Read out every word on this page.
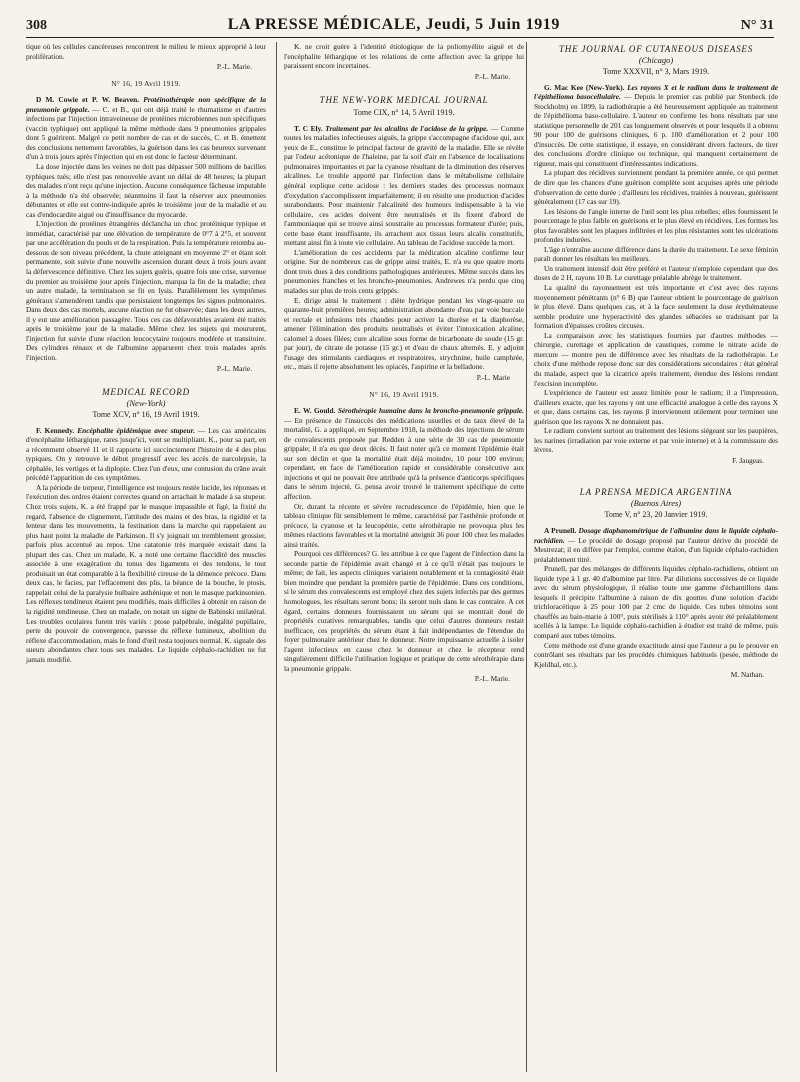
308	LA PRESSE MÉDICALE, Jeudi, 5 Juin 1919	N° 31

tique où les cellules cancéreuses rencontrent le milieu le mieux approprié à leur prolifération.

P.-L. Marie.
N° 16, 19 Avril 1919.

D M. Cowie et P. W. Beaven. Protéinothérapie non spécifique de la pneumonie grippale. — C. et B., qui ont déjà traité le rhumatisme et d'autres infections par l'injection intraveineuse de protéines microbiennes non spécifiques (vaccin typhique) ont appliqué la même méthode dans 9 pneumonies grippales dont 5 guérirent. Malgré ce petit nombre de cas et de succès, C. et B. émettent des conclusions nettement favorables, la guérison dans les cas heureux survenant d'un à trois jours après l'injection qui en est donc le facteur déterminant.

La dose injectée dans les veines ne doit pas dépasser 500 millions de bacilles typhiques tués; elle n'est pas renouvelée avant un délai de 48 heures; la plupart des malades n'ont reçu qu'une injection. Aucune conséquence fâcheuse imputable à la méthode n'a été observée; néanmoins il faut la réserver aux pneumonies débutantes et elle est contre-indiquée après le troisième jour de la maladie et au cas d'endocardite aiguë ou d'insuffisance du myocarde.

L'injection de protéines étrangères déclancha un choc protéinique typique et immédiat, caractérisé par une élévation de température de 0°7 à 2°5, et souvent par une accélération du pouls et de la respiration. Puis la température retomba au-dessous de son niveau précédent, la chute atteignant en moyenne 2° et étant soit permanente, soit suivie d'une nouvelle ascension durant deux à trois jours avant la défervescence définitive. Chez les sujets guéris, quatre fois une crise, survenue du premier au troisième jour après l'injection, marqua la fin de la maladie; chez un autre malade, la terminaison se fit en lysis. Parallèlement les symptômes généraux s'amendèrent tandis que persistaient longtemps les signes pulmonaires. Dans deux des cas mortels, aucune réaction ne fut observée; dans les deux autres, il y eut une amélioration passagère. Tous ces cas défavorables avaient été traités après le troisième jour de la maladie. Même chez les sujets qui moururent, l'injection fut suivie d'une réaction leucocytaire toujours modérée et transitoire. Des cylindres rénaux et de l'albumine apparurent chez trois malades après l'injection.

P.-L. Marie.
MEDICAL RECORD
(New-York)
Tome XCV, n° 16, 19 Avril 1919.

F. Kennedy. Encéphalite épidémique avec stupeur. — Les cas américains d'encéphalite léthargique, rares jusqu'ici, vont se multipliant. K., pour sa part, en a récemment observé 11 et il rapporte ici succinctement l'histoire de 4 des plus typiques. On y retrouve le début progressif avec les accès de narcolepsie, la céphalée, les vertiges et la diplopie. Chez l'un d'eux, une contusion du crâne avait précédé l'apparition de ces symptômes.

A la période de torpeur, l'intelligence est toujours restée lucide, les réponses et l'exécution des ordres étaient correctes quand on arrachait le malade à sa stupeur. Chez trois sujets, K. a été frappé par le masque impassible et figé, la fixité du regard, l'absence de clignement, l'attitude des mains et des bras, la rigidité et la lenteur dans les mouvements, la festination dans la marche qui rappelaient au plus haut point la maladie de Parkinson. Il s'y joignait un tremblement grossier, parfois plus accentué au repos. Une catatonie très marquée existait dans la plupart des cas. Chez un malade, K. a noté une certaine flaccidité des muscles associée à une exagération du tonus des ligaments et des tendons, le tout produisait un état comparable à la flexibilité cireuse de la démence précoce. Dans deux cas, le facies, par l'effacement des plis, la béance de la bouche, le ptosis, rappelait celui de la paralysie bulbaire asthénique et non le masque parkinsonien. Les réflexes tendineux étaient peu modifiés, mais difficiles à obtenir en raison de la rigidité tendineuse. Chez un malade, on notait un signe de Babinski unilatéral. Les troubles oculaires furent très variés : ptose palpébrale, inégalité pupillaire, perte du pouvoir de convergence, paresse du réflexe lumineux, abolition du réflexe d'accommodation, mais le fond d'œil resta toujours normal. K. signale des sueurs abondantes chez tous ses malades. Le liquide céphalo-rachidien ne fut jamais modifié.

K. ne croit guère à l'identité étiologique de la poliomyélite aiguë et de l'encéphalite léthargique et les relations de cette affection avec la grippe lui paraissent encore incertaines.

P.-L. Marie.
THE NEW-YORK MEDICAL JOURNAL
Tome CIX, n° 14, 5 Avril 1919.

T. C Ely. Traitement par les alcalins de l'acidose de la grippe. — Comme toutes les maladies infectieuses aiguës, la grippe s'accompagne d'acidose qui, aux yeux de E., constitue le principal facteur de gravité de la maladie. Elle se révèle par l'odeur acétonique de l'haleine, par la soif d'air en l'absence de localisations pulmonaires importantes et par la cyanose résultant de la diminution des réserves alcalines. Le trouble apporté par l'infection dans le métabolisme cellulaire général explique cette acidose : les derniers stades des processus normaux d'oxydation s'accomplissent imparfaitement; il en résulte une production d'acides surabondants. Pour maintenir l'alcalinité des humeurs indispensable à la vie cellulaire, ces acides doivent être neutralisés et ils fixent d'abord de l'ammoniaque qui se trouve ainsi soustraite au processus formateur d'urée; puis, cette base étant insuffisante, ils arrachent aux tissus leurs alcalis constitutifs, mettant ainsi fin à toute vie cellulaire. Au tableau de l'acidose succède la mort.

L'amélioration de ces accidents par la médication alcaline confirme leur origine. Sur de nombreux cas de grippe ainsi traités, E. n'a eu que quatre morts dont trois dues à des conditions pathologiques antérieures. Même succès dans les pneumonies franches et les broncho-pneumonies. Andrewes n'a perdu que cinq malades sur plus de trois cents grippés.

E. dirige ainsi le traitement : diète hydrique pendant les vingt-quatre ou quarante-huit premières heures; administration abondante d'eau par voie buccale et rectale et infusions très chaudes pour activer la diurèse et la diaphorèse, amener l'élimination des produits neutralisés et éviter l'intoxication alcaline; calomel à doses filées; cure alcaline sous forme de bicarbonate de soude (15 gr. par jour), de citrate de potasse (15 gr.) et d'eau de chaux alternés. E. y adjoint l'usage des stimulants cardiaques et respiratoires, strychnine, huile camphrée, etc., mais il rejette absolument les opiacés, l'aspirine et la belladone.

P.-L. Marie
N° 16, 19 Avril 1919.

E. W. Gould. Sérothérapie humaine dans la broncho-pneumonie grippale. — En présence de l'insuccès des médications usuelles et du taux élevé de la mortalité, G. a appliqué, en Septembre 1918, la méthode des injections de sérum de convalescents proposée par Redden à une série de 30 cas de pneumonie grippale; il n'a eu que deux décès. Il faut noter qu'à ce moment l'épidémie était sur son déclin et que la mortalité était déjà moindre, 10 pour 100 environ; cependant, en face de l'amélioration rapide et considérable consécutive aux injections et qui ne pouvait être attribuée qu'à la présence d'anticorps spécifiques dans le sérum injecté, G. pensa avoir trouvé le traitement spécifique de cette affection.

Or, durant la récente et sévère recrudescence de l'épidémie, bien que le tableau clinique fût sensiblement le même, caractérisé par l'asthénie profonde et précoce, la cyanose et la leucopénie, cette sérothérapie ne provoqua plus les mêmes réactions favorables et la mortalité atteignit 36 pour 100 chez les malades ainsi traités.

Pourquoi ces différences? G. les attribue à ce que l'agent de l'infection dans la seconde partie de l'épidémie avait changé et à ce qu'il n'était pas toujours le même; de fait, les aspects cliniques variaient notablement et la contagiosité était bien moindre que pendant la première partie de l'épidémie. Dans ces conditions, si le sérum des convalescents est employé chez des sujets infectés par des germes homologues, les résultats seront bons; ils seront nuls dans le cas contraire. A cet égard, certains donneurs fournissaient un sérum qui se montrait doué de propriétés curatives remarquables, tandis que celui d'autres donneurs restait inefficace, ces propriétés du sérum étant à fait indépendantes de l'étendue du foyer pulmonaire antérieur chez le donneur. Notre impuissance actuelle à isoler l'agent infectieux en cause chez le donneur et chez le récepteur rend singulièrement difficile l'utilisation logique et pratique de cette sérothérapie dans la pneumonie grippale.

P.-L. Marie.
THE JOURNAL OF CUTANEOUS DISEASES
(Chicago)
Tome XXXVII, n° 3, Mars 1919.

G. Mac Kee (New-York). Les rayons X et le radium dans le traitement de l'épithélioma basocellulaire. — Depuis le premier cas publié par Stenbeck (de Stockholm) en 1899, la radiothérapie a été heureusement appliquée au traitement de l'épithélioma baso-cellulaire. L'auteur en confirme les bons résultats par une statistique personnelle de 201 cas longuement observés et pour lesquels il a obtenu 90 pour 100 de guérisons cliniques, 6 p. 100 d'amélioration et 2 pour 100 d'insuccès. De cette statistique, il essaye, en considérant divers facteurs, de tirer des conclusions d'ordre clinique ou technique, qui manquent certainement de rigueur, mais qui constituent d'intéressantes indications.

La plupart des récidives surviennent pendant la première année, ce qui permet de dire que les chances d'une guérison complète sont acquises après une période d'observation de cette durée ; d'ailleurs les récidives, traitées à nouveau, guérissent généralement (17 cas sur 19).

Les lésions de l'angle interne de l'œil sont les plus rebelles; elles fournissent le pourcentage le plus faible en guérisons et le plus élevé en récidives. Les formes les plus favorables sont les plaques infiltrées et les plus résistantes sont les ulcérations profondes indurées.

L'âge n'entraîne aucune différence dans la durée du traitement. Le sexe féminin paraît donner les résultats les meilleurs.

Un traitement intensif doit être préféré et l'auteur n'emploie cependant que des doses de 2 H, rayons 10 B. Le curettage préalable abrège le traitement.

La qualité du rayonnement est très importante et c'est avec des rayons moyennement pénétrants (n° 6 B) que l'auteur obtient le pourcentage de guérison le plus élevé. Dans quelques cas, et à la face seulement la dose érythémateuse semble produire une hyperactivité des glandes sébacées se traduisant par la formation d'épaisses croûtes circuses.

La comparaison avec les statistiques fournies par d'autres méthodes — chirurgie, curettage et application de caustiques, comme le nitrate acide de mercure — montre peu de différence avec les résultats de la radiothérapie. Le choix d'une méthode repose donc sur des considérations secondaires : état général du malade, aspect que la cicatrice après traitement, étendue des lésions rendant l'excision incomplète.

L'expérience de l'auteur est assez limitée pour le radium; il a l'impression, d'ailleurs exacte, que les rayons γ ont une efficacité analogue à celle des rayons X et que, dans certains cas, les rayons β interviennent utilement pour terminer une guérison que les rayons X ne donnaient pas.

Le radium convient surtout au traitement des lésions siégeant sur les paupières, les narines (irradiation par voie externe et par voie interne) et à la commissure des lèvres.

F. Jaugeas.
LA PRENSA MEDICA ARGENTINA
(Buenos Aires)
Tome V, n° 23, 20 Janvier 1919.

A Prunell. Dosage diaphanométrique de l'albumine dans le liquide céphalo-rachidien. — Le procédé de dosage proposé par l'auteur dérive du procédé de Mestrezat; il en diffère par l'emploi, comme étalon, d'un liquide céphalo-rachidien préalablement titré.

Prunell, par des mélanges de différents liquides céphalo-rachidiens, obtient un liquide type à 1 gr. 40 d'albumine par litre. Par dilutions successives de ce liquide avec du sérum physiologique, il réalise toute une gamme d'échantillons dans lesquels il précipite l'albumine à raison de dix gouttes d'une solution d'acide trichloracétique à 25 pour 100 par 2 cmc de liquide. Ces tubes témoins sont chauffés au bain-marie à 100°, puis stérilisés à 110° après avoir été préalablement scellés à la lampe. Le liquide céphalo-rachidien à étudier est traité de même, puis comparé aux tubes témoins.

Cette méthode est d'une grande exactitude ainsi que l'auteur a pu le prouver en contrôlant ses résultats par les procédés chimiques habituels (pesée, méthode de Kjeldhal, etc.).

M. Nathan.
